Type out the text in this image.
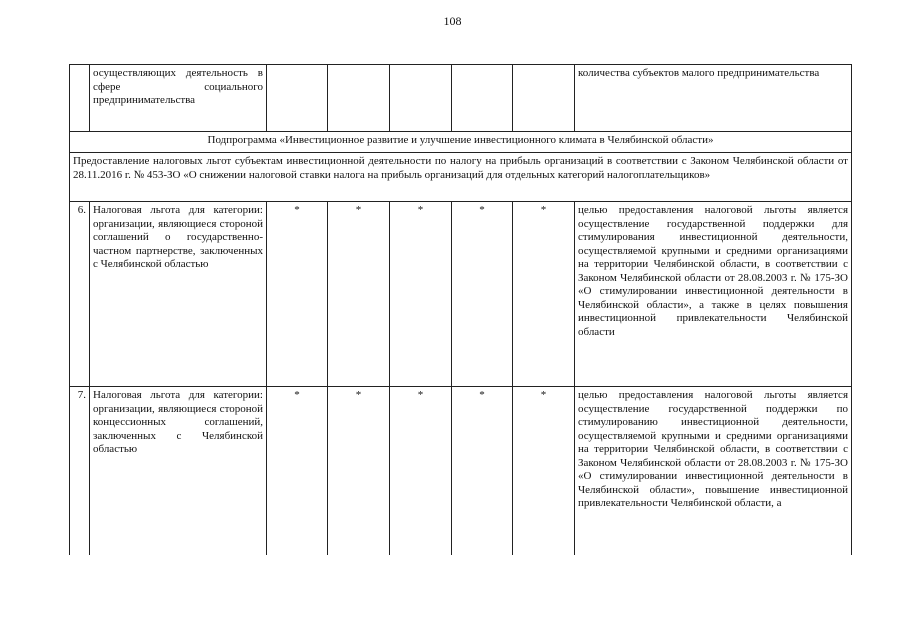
108
	осуществляющих деятельность в сфере социального предпринимательства						количества субъектов малого предпринимательства
Подпрограмма «Инвестиционное развитие и улучшение инвестиционного климата в Челябинской области»							
Предоставление налоговых льгот субъектам инвестиционной деятельности по налогу на прибыль организаций в соответствии с Законом Челябинской области от 28.11.2016 г. № 453-ЗО «О снижении налоговой ставки налога на прибыль организаций для отдельных категорий налогоплательщиков»							
6.	Налоговая льгота для категории: организации, являющиеся стороной соглашений о государственно-частном партнерстве, заключенных с Челябинской областью	*	*	*	*	*	целью предоставления налоговой льготы является осуществление государственной поддержки для стимулирования инвестиционной деятельности, осуществляемой крупными и средними организациями на территории Челябинской области, в соответствии с Законом Челябинской области от 28.08.2003 г. № 175-ЗО «О стимулировании инвестиционной деятельности в Челябинской области», а также в целях повышения инвестиционной привлекательности Челябинской области
7.	Налоговая льгота для категории: организации, являющиеся стороной концессионных соглашений, заключенных с Челябинской областью	*	*	*	*	*	целью предоставления налоговой льготы является осуществление государственной поддержки по стимулированию инвестиционной деятельности, осуществляемой крупными и средними организациями на территории Челябинской области, в соответствии с Законом Челябинской области от 28.08.2003 г. № 175-ЗО «О стимулировании инвестиционной деятельности в Челябинской области», повышение инвестиционной привлекательности Челябинской области, а
